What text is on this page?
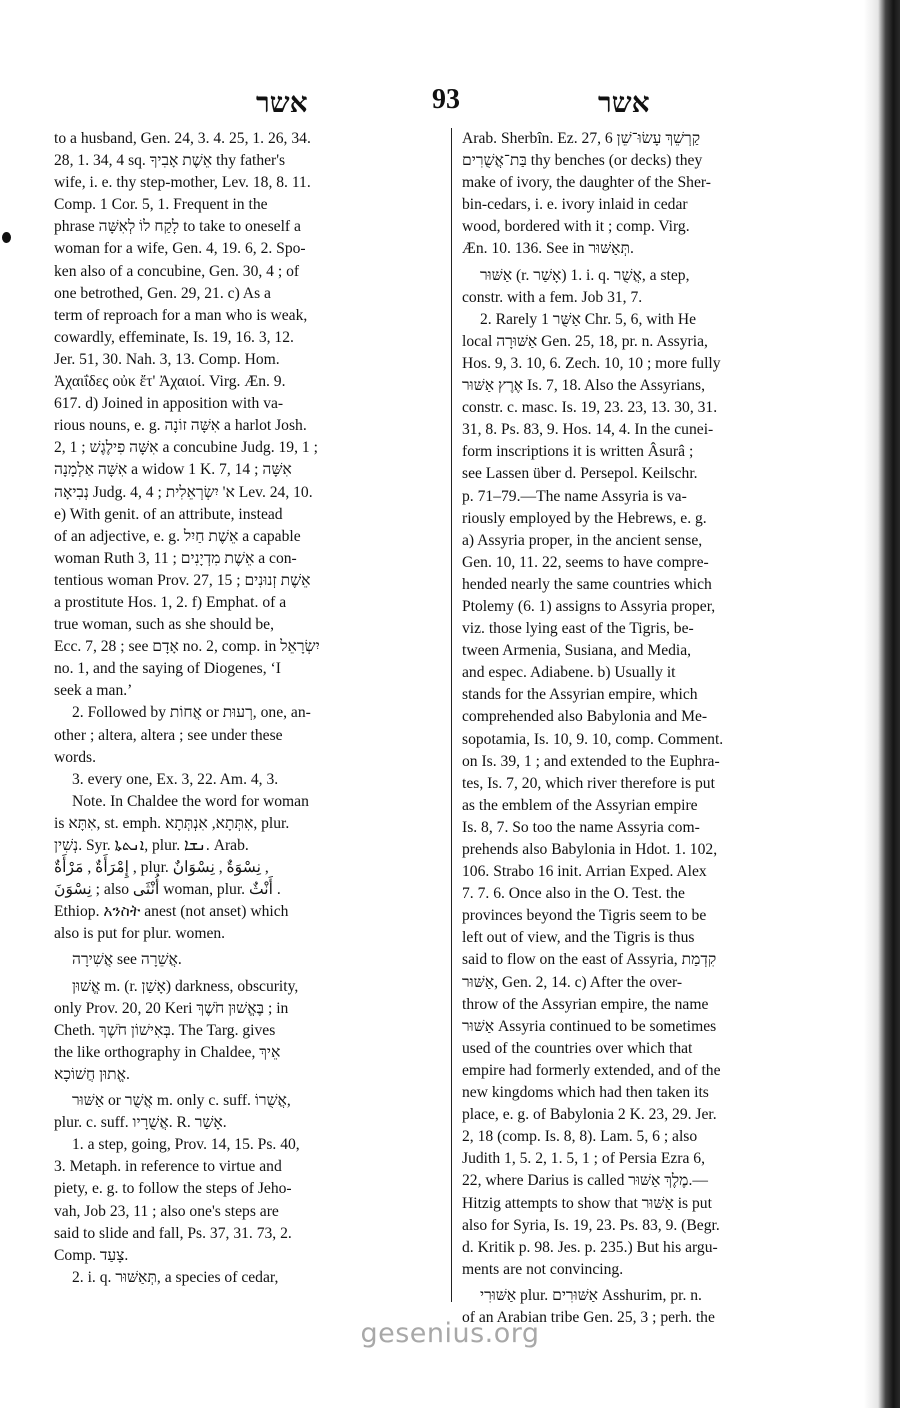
אשר	93	אשר

to a husband, Gen. 24, 3. 4. 25, 1. 26, 34.
28, 1. 34, 4 sq. אֵשֶׁת אָבִיךָ thy father's
wife, i. e. thy step-mother, Lev. 18, 8. 11.
Comp. 1 Cor. 5, 1. Frequent in the
phrase לָקַח לוֹ לְאִשָּׁה to take to oneself a
woman for a wife, Gen. 4, 19. 6, 2. Spo-
ken also of a concubine, Gen. 30, 4 ; of
one betrothed, Gen. 29, 21. c) As a
term of reproach for a man who is weak,
cowardly, effeminate, Is. 19, 16. 3, 12.
Jer. 51, 30. Nah. 3, 13. Comp. Hom.
Ἀχαιΐδες οὐκ ἔτ' Ἀχαιοί. Virg. Æn. 9.
617. d) Joined in apposition with va-
rious nouns, e. g. אִשָּׁה זוֹנָה a harlot Josh.
2, 1 ; אִשָּׁה פִילֶגֶשׁ a concubine Judg. 19, 1 ;
אִשָּׁה אַלְמָנָה a widow 1 K. 7, 14 ; אִשָּׁה
נְבִיאָה Judg. 4, 4 ; א' יִשְׂרְאֵלִית Lev. 24, 10.
e) With genit. of an attribute, instead
of an adjective, e. g. אֵשֶׁת חַיִל a capable
woman Ruth 3, 11 ; אֵשֶׁת מִדְיָנִים a con-
tentious woman Prov. 27, 15 ; אֵשֶׁת זְנוּנִים
a prostitute Hos. 1, 2. f) Emphat. of a
true woman, such as she should be,
Ecc. 7, 28 ; see אָדָם no. 2, comp. in יִשְׂרָאֵל
no. 1, and the saying of Diogenes, ‘I
seek a man.’

2. Followed by אֲחוֹת or רְעוּת, one, an-
other ; altera, altera ; see under these
words.

3. every one, Ex. 3, 22. Am. 4, 3.

Note. In Chaldee the word for woman
is אִתָּא, st. emph. אִתְּתָא, אִנְתְּתָא, plur.
נְשִׁין. Syr. ܐܢܬܬܐ, plur. ܢܫܐ. Arab.
إِمْرَأَةٌ , مَرْأَةٌ , plur. نِسْوَةٌ , نِسْوَانٌ ,
نِسْوَنَ ; also أُنْثَى woman, plur. أَنْثٌ .
Ethiop. አንስት anest (not anset) which
also is put for plur. women.

אֲשִׁירָה see אֲשֵׁרָה.

אֱשׁוּן m. (r. אָשַׁן) darkness, obscurity,
only Prov. 20, 20 Keri בֶּאֱשׁוּן חֹשֶׁךְ ; in
Cheth. בְּאִישׁוֹן חֹשֶׁךְ. The Targ. gives
the like orthography in Chaldee, אֵיךְ
אֱתוּן חֲשׁוֹכָא.

אַשּׁוּר or אֲשֻׁר m. only c. suff. אֲשֻׁרוֹ,
plur. c. suff. אֲשֻׁרָיו. R. אָשַׁר.

1. a step, going, Prov. 14, 15. Ps. 40,
3. Metaph. in reference to virtue and
piety, e. g. to follow the steps of Jeho-
vah, Job 23, 11 ; also one's steps are
said to slide and fall, Ps. 37, 31. 73, 2.
Comp. צָעַד.

2. i. q. תְּאַשּׁוּר, a species of cedar,

Arab. Sherbîn. Ez. 27, 6 קַרְשֵׁךְ עָשׂוּ־שֵׁן
בַּת־אֲשֻׁרִים thy benches (or decks) they
make of ivory, the daughter of the Sher-
bin-cedars, i. e. ivory inlaid in cedar
wood, bordered with it ; comp. Virg.
Æn. 10. 136. See in תְּאַשּׁוּר.

אַשּׁוּר (r. אָשַׁר) 1. i. q. אֲשֻׁר, a step,
constr. with a fem. Job 31, 7.

2. Rarely אַשֻּׁר 1 Chr. 5, 6, with He
local אַשּׁוּרָה Gen. 25, 18, pr. n. Assyria,
Hos. 9, 3. 10, 6. Zech. 10, 10 ; more fully
אֶרֶץ אַשּׁוּר Is. 7, 18. Also the Assyrians,
constr. c. masc. Is. 19, 23. 23, 13. 30, 31.
31, 8. Ps. 83, 9. Hos. 14, 4. In the cunei-
form inscriptions it is written Âsurâ ;
see Lassen über d. Persepol. Keilschr.
p. 71–79.—The name Assyria is va-
riously employed by the Hebrews, e. g.
a) Assyria proper, in the ancient sense,
Gen. 10, 11. 22, seems to have compre-
hended nearly the same countries which
Ptolemy (6. 1) assigns to Assyria proper,
viz. those lying east of the Tigris, be-
tween Armenia, Susiana, and Media,
and espec. Adiabene. b) Usually it
stands for the Assyrian empire, which
comprehended also Babylonia and Me-
sopotamia, Is. 10, 9. 10, comp. Comment.
on Is. 39, 1 ; and extended to the Euphra-
tes, Is. 7, 20, which river therefore is put
as the emblem of the Assyrian empire
Is. 8, 7. So too the name Assyria com-
prehends also Babylonia in Hdot. 1. 102,
106. Strabo 16 init. Arrian Exped. Alex
7. 7. 6. Once also in the O. Test. the
provinces beyond the Tigris seem to be
left out of view, and the Tigris is thus
said to flow on the east of Assyria, קִדְמַת
אַשּׁוּר, Gen. 2, 14. c) After the over-
throw of the Assyrian empire, the name
אַשּׁוּר Assyria continued to be sometimes
used of the countries over which that
empire had formerly extended, and of the
new kingdoms which had then taken its
place, e. g. of Babylonia 2 K. 23, 29. Jer.
2, 18 (comp. Is. 8, 8). Lam. 5, 6 ; also
Judith 1, 5. 2, 1. 5, 1 ; of Persia Ezra 6,
22, where Darius is called מֶלֶךְ אַשּׁוּר.—
Hitzig attempts to show that אַשּׁוּר is put
also for Syria, Is. 19, 23. Ps. 83, 9. (Begr.
d. Kritik p. 98. Jes. p. 235.) But his argu-
ments are not convincing.

אַשּׁוּרִי plur. אַשּׁוּרִים Asshurim, pr. n.
of an Arabian tribe Gen. 25, 3 ; perh. the

gesenius.org
